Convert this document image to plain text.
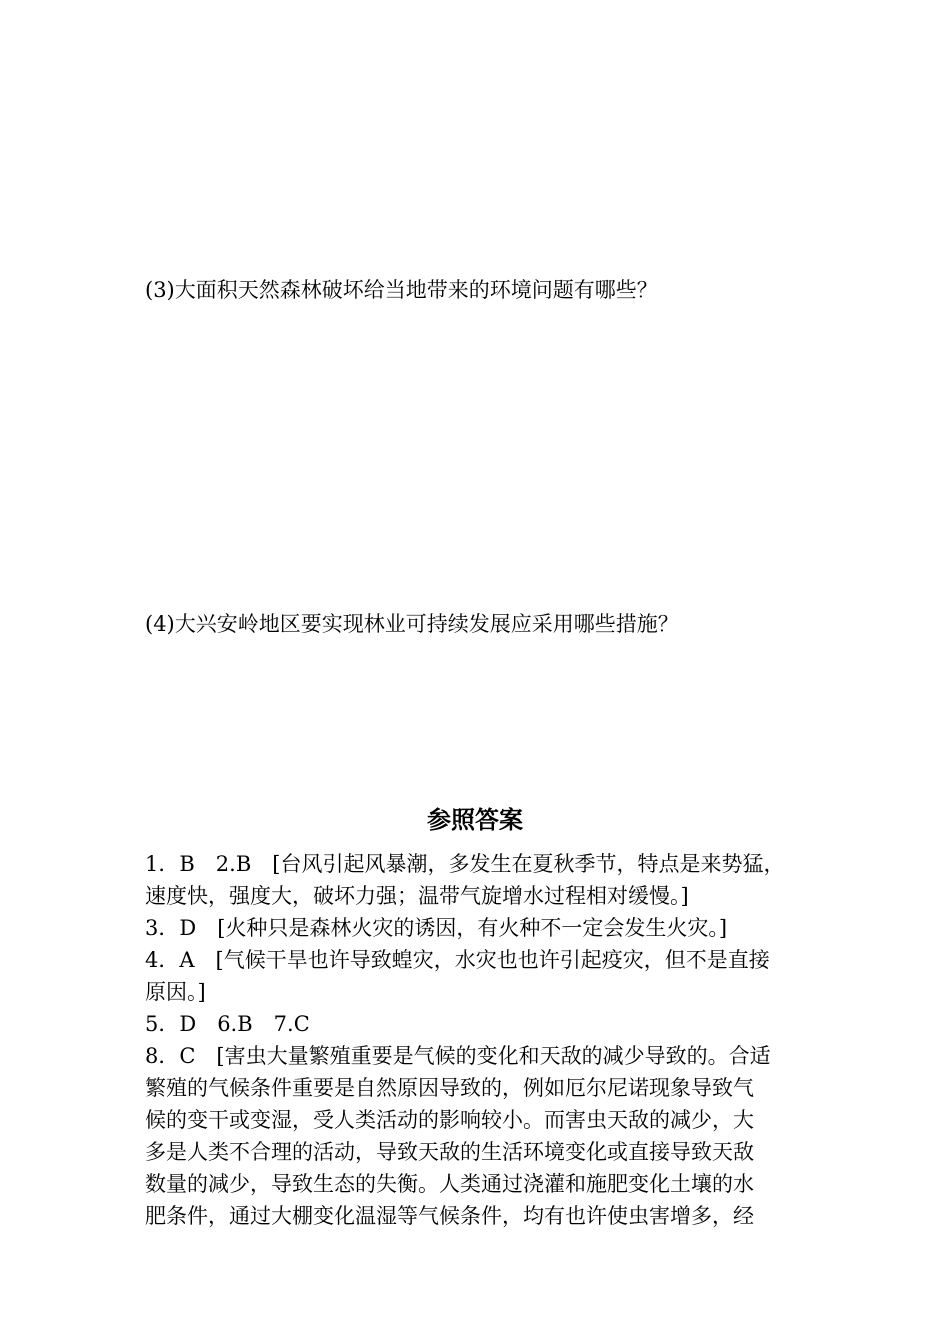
(3)大面积天然森林破坏给当地带来的环境问题有哪些？
(4)大兴安岭地区要实现林业可持续发展应采用哪些措施？
参照答案
1．B　2.B　[台风引起风暴潮，多发生在夏秋季节，特点是来势猛，
速度快，强度大，破坏力强；温带气旋增水过程相对缓慢。]
3．D　[火种只是森林火灾的诱因，有火种不一定会发生火灾。]
4．A　[气候干旱也许导致蝗灾，水灾也也许引起疫灾，但不是直接
原因。]
5．D　6.B　7.C
8．C　[害虫大量繁殖重要是气候的变化和天敌的减少导致的。合适
繁殖的气候条件重要是自然原因导致的，例如厄尔尼诺现象导致气
候的变干或变湿，受人类活动的影响较小。而害虫天敌的减少，大
多是人类不合理的活动，导致天敌的生活环境变化或直接导致天敌
数量的减少，导致生态的失衡。人类通过浇灌和施肥变化土壤的水
肥条件，通过大棚变化温湿等气候条件，均有也许使虫害增多，经
